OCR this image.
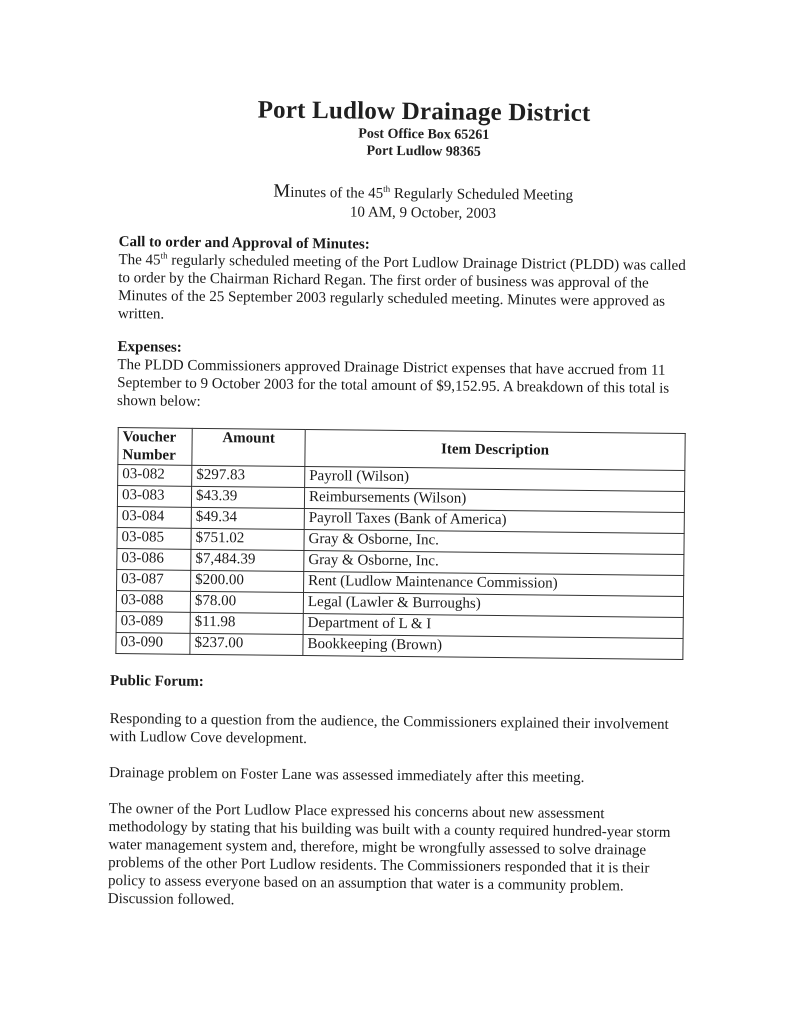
Port Ludlow Drainage District
Post Office Box 65261
Port Ludlow 98365
Minutes of the 45th Regularly Scheduled Meeting
10 AM, 9 October, 2003
Call to order and Approval of Minutes:

The 45th regularly scheduled meeting of the Port Ludlow Drainage District (PLDD) was called to order by the Chairman Richard Regan. The first order of business was approval of the Minutes of the 25 September 2003 regularly scheduled meeting. Minutes were approved as written.

Expenses:

The PLDD Commissioners approved Drainage District expenses that have accrued from 11 September to 9 October 2003 for the total amount of $9,152.95. A breakdown of this total is shown below:

Voucher Number	Amount	Item Description
03-082	$297.83	Payroll (Wilson)
03-083	$43.39	Reimbursements (Wilson)
03-084	$49.34	Payroll Taxes (Bank of America)
03-085	$751.02	Gray & Osborne, Inc.
03-086	$7,484.39	Gray & Osborne, Inc.
03-087	$200.00	Rent (Ludlow Maintenance Commission)
03-088	$78.00	Legal (Lawler & Burroughs)
03-089	$11.98	Department of L & I
03-090	$237.00	Bookkeeping (Brown)
Public Forum:

Responding to a question from the audience, the Commissioners explained their involvement with Ludlow Cove development.

Drainage problem on Foster Lane was assessed immediately after this meeting.

The owner of the Port Ludlow Place expressed his concerns about new assessment methodology by stating that his building was built with a county required hundred-year storm water management system and, therefore, might be wrongfully assessed to solve drainage problems of the other Port Ludlow residents. The Commissioners responded that it is their policy to assess everyone based on an assumption that water is a community problem. Discussion followed.
